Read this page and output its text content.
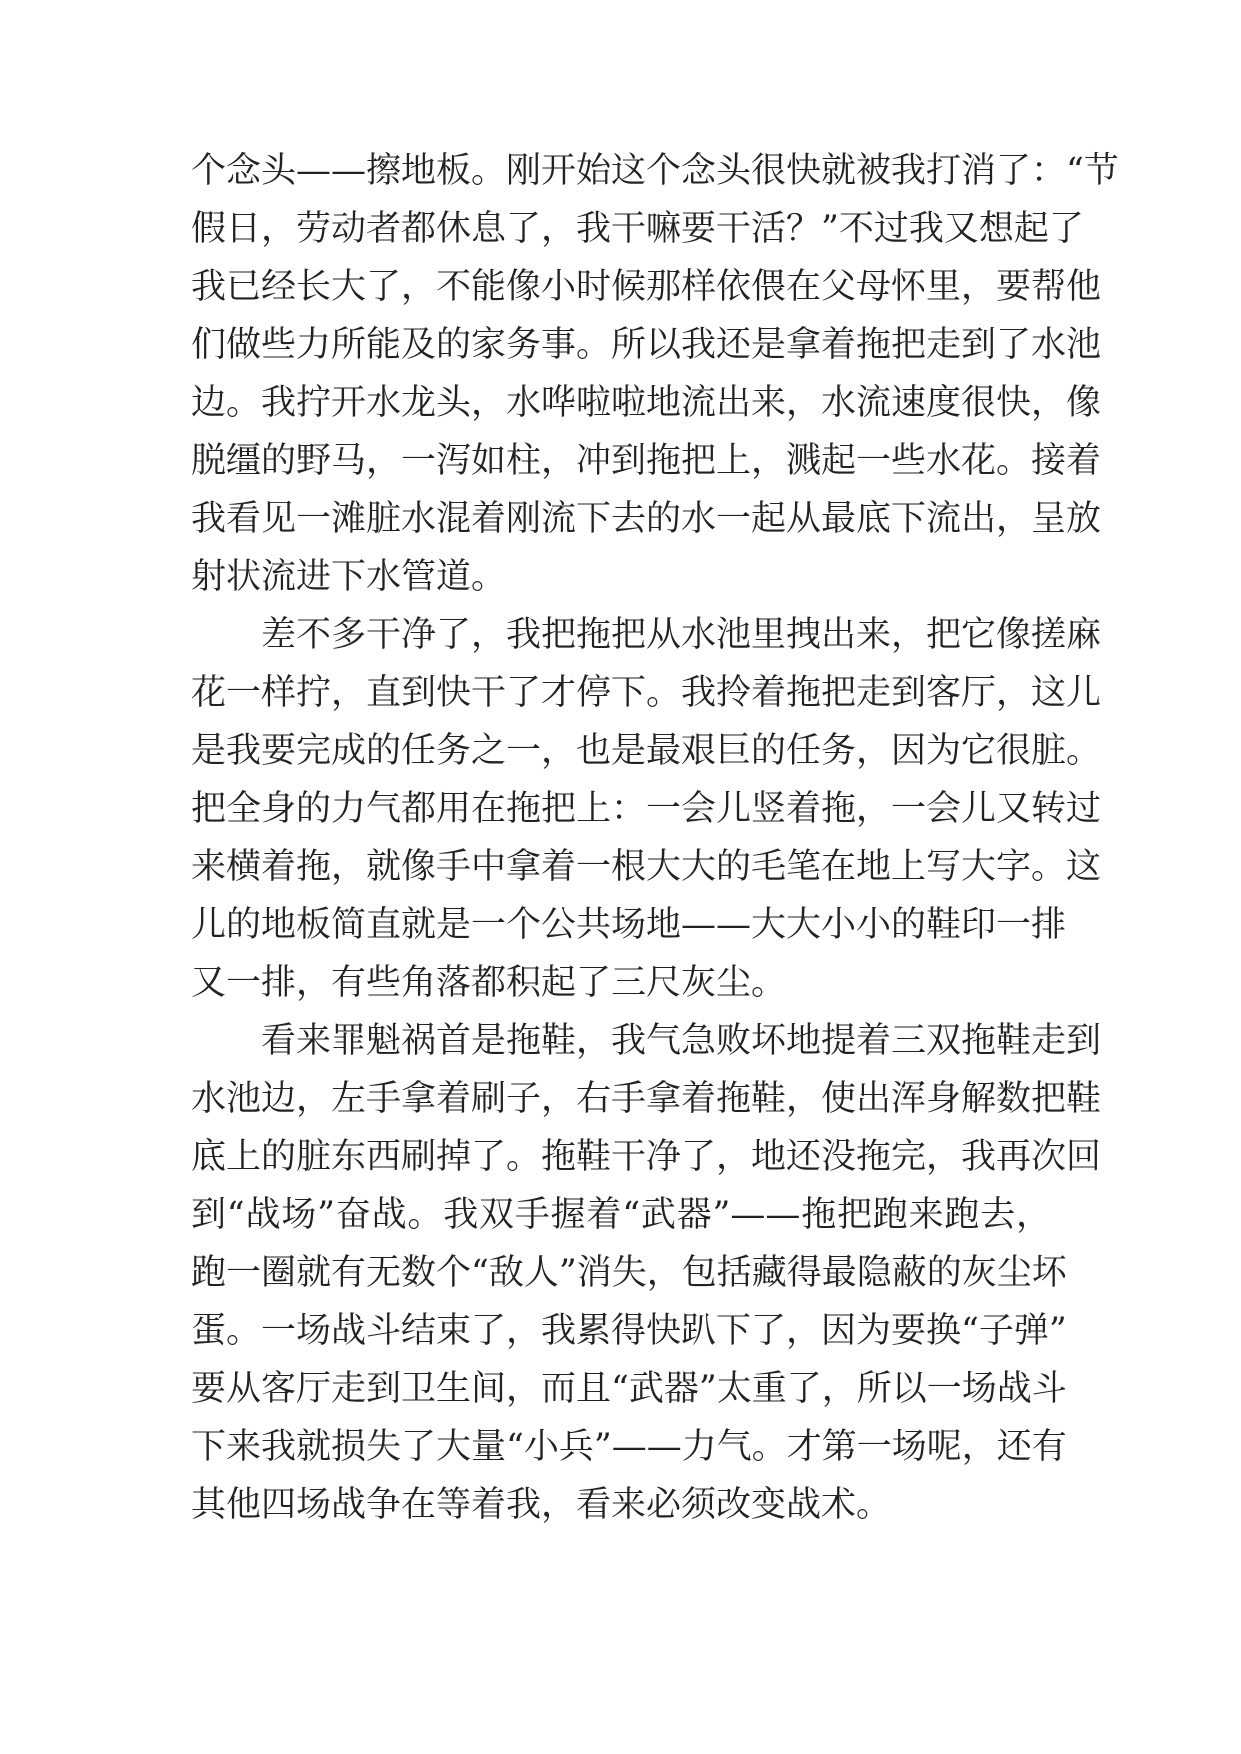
个念头——擦地板。刚开始这个念头很快就被我打消了：“节
假日，劳动者都休息了，我干嘛要干活？”不过我又想起了
我已经长大了，不能像小时候那样依偎在父母怀里，要帮他
们做些力所能及的家务事。所以我还是拿着拖把走到了水池
边。我拧开水龙头，水哗啦啦地流出来，水流速度很快，像
脱缰的野马，一泻如柱，冲到拖把上，溅起一些水花。接着
我看见一滩脏水混着刚流下去的水一起从最底下流出，呈放
射状流进下水管道。
差不多干净了，我把拖把从水池里拽出来，把它像搓麻
花一样拧，直到快干了才停下。我拎着拖把走到客厅，这儿
是我要完成的任务之一，也是最艰巨的任务，因为它很脏。
把全身的力气都用在拖把上：一会儿竖着拖，一会儿又转过
来横着拖，就像手中拿着一根大大的毛笔在地上写大字。这
儿的地板简直就是一个公共场地——大大小小的鞋印一排
又一排，有些角落都积起了三尺灰尘。
看来罪魁祸首是拖鞋，我气急败坏地提着三双拖鞋走到
水池边，左手拿着刷子，右手拿着拖鞋，使出浑身解数把鞋
底上的脏东西刷掉了。拖鞋干净了，地还没拖完，我再次回
到“战场”奋战。我双手握着“武器”——拖把跑来跑去，
跑一圈就有无数个“敌人”消失，包括藏得最隐蔽的灰尘坏
蛋。一场战斗结束了，我累得快趴下了，因为要换“子弹”
要从客厅走到卫生间，而且“武器”太重了，所以一场战斗
下来我就损失了大量“小兵”——力气。才第一场呢，还有
其他四场战争在等着我，看来必须改变战术。
